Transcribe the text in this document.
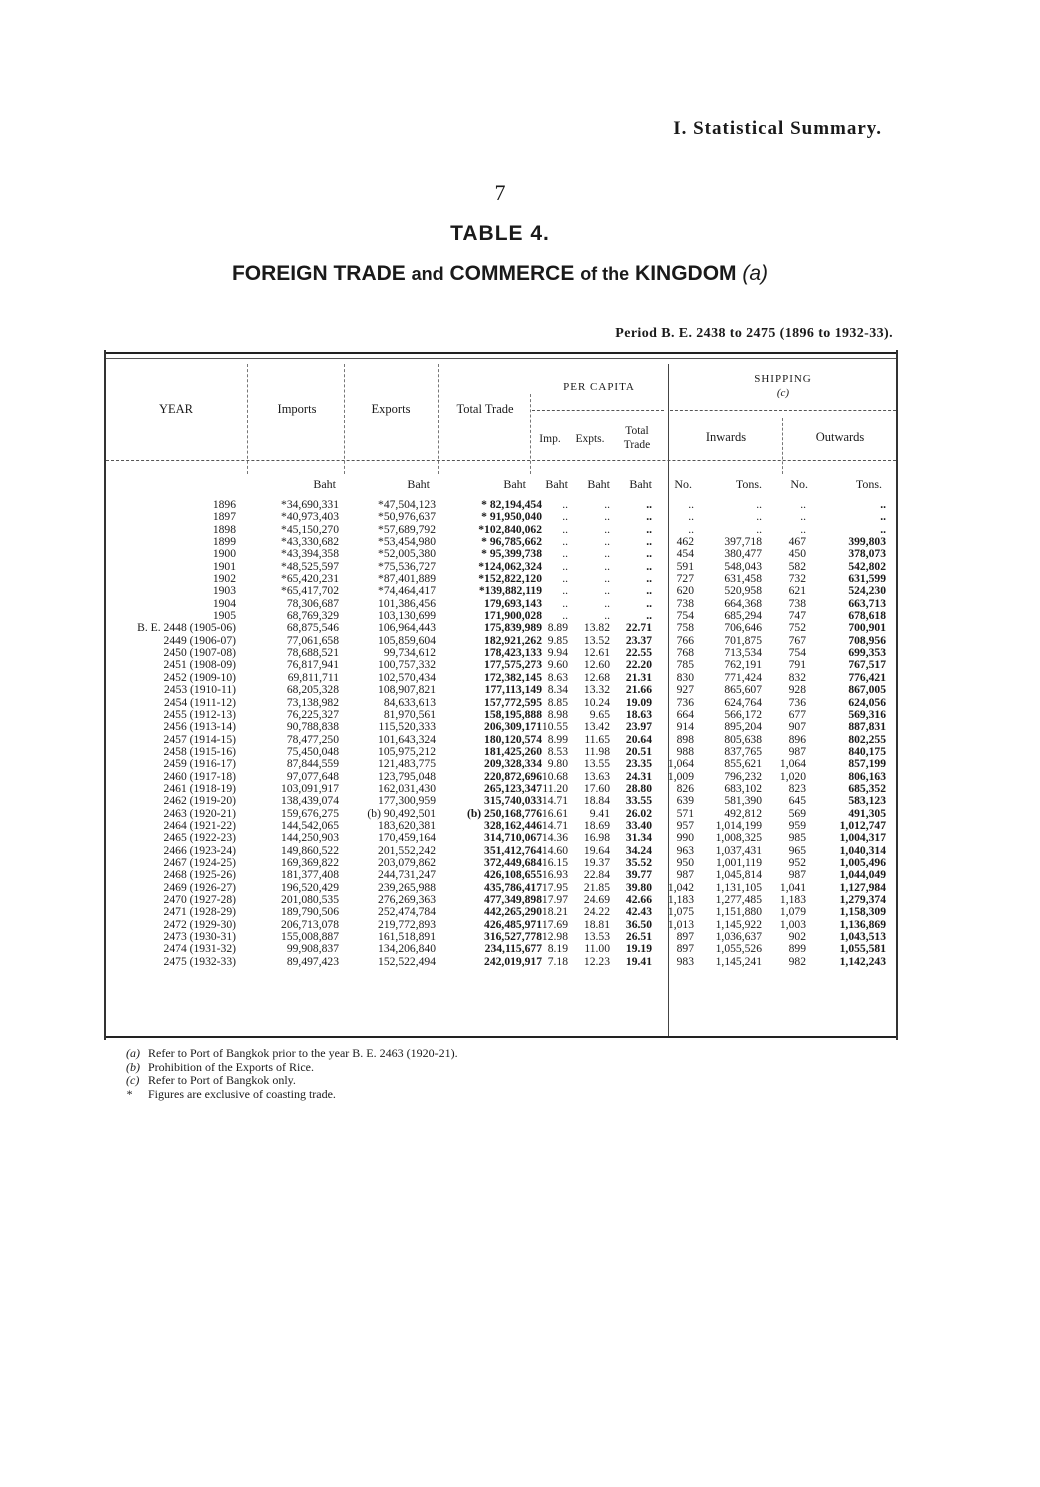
I. Statistical Summary.
7
TABLE 4.
FOREIGN TRADE and COMMERCE of the KINGDOM (a)
Period B. E. 2438 to 2475 (1896 to 1932-33).
YEAR	Imports	Exports	Total Trade
PER CAPITA
Imp.	Expts.
Total Trade
SHIPPING
(c)
Inwards	Outwards
Baht	Baht	Baht	Baht	Baht	Baht	No.	Tons.	No.	Tons.
1896	*34,690,331	*47,504,123	* 82,194,454	..	..	..	..	..	..	..
1897	*40,973,403	*50,976,637	* 91,950,040	..	..	..	..	..	..	..
1898	*45,150,270	*57,689,792	*102,840,062	..	..	..	..	..	..	..
1899	*43,330,682	*53,454,980	* 96,785,662	..	..	..	462	397,718	467	399,803
1900	*43,394,358	*52,005,380	* 95,399,738	..	..	..	454	380,477	450	378,073
1901	*48,525,597	*75,536,727	*124,062,324	..	..	..	591	548,043	582	542,802
1902	*65,420,231	*87,401,889	*152,822,120	..	..	..	727	631,458	732	631,599
1903	*65,417,702	*74,464,417	*139,882,119	..	..	..	620	520,958	621	524,230
1904	78,306,687	101,386,456	179,693,143	..	..	..	738	664,368	738	663,713
1905	68,769,329	103,130,699	171,900,028	..	..	..	754	685,294	747	678,618
B. E. 2448 (1905-06)	68,875,546	106,964,443	175,839,989 8.89	13.82	22.71	758	706,646	752	700,901
2449 (1906-07)	77,061,658	105,859,604	182,921,262 9.85	13.52	23.37	766	701,875	767	708,956
2450 (1907-08)	78,688,521	99,734,612	178,423,133 9.94	12.61	22.55	768	713,534	754	699,353
2451 (1908-09)	76,817,941	100,757,332	177,575,273 9.60	12.60	22.20	785	762,191	791	767,517
2452 (1909-10)	69,811,711	102,570,434	172,382,145 8.63	12.68	21.31	830	771,424	832	776,421
2453 (1910-11)	68,205,328	108,907,821	177,113,149 8.34	13.32	21.66	927	865,607	928	867,005
2454 (1911-12)	73,138,982	84,633,613	157,772,595 8.85	10.24	19.09	736	624,764	736	624,056
2455 (1912-13)	76,225,327	81,970,561	158,195,888 8.98	9.65	18.63	664	566,172	677	569,316
2456 (1913-14)	90,788,838	115,520,333	206,309,171 10.55	13.42	23.97	914	895,204	907	887,831
2457 (1914-15)	78,477,250	101,643,324	180,120,574 8.99	11.65	20.64	898	805,638	896	802,255
2458 (1915-16)	75,450,048	105,975,212	181,425,260 8.53	11.98	20.51	988	837,765	987	840,175
2459 (1916-17)	87,844,559	121,483,775	209,328,334 9.80	13.55	23.35	1,064	855,621	1,064	857,199
2460 (1917-18)	97,077,648	123,795,048	220,872,696 10.68	13.63	24.31	1,009	796,232	1,020	806,163
2461 (1918-19)	103,091,917	162,031,430	265,123,347 11.20	17.60	28.80	826	683,102	823	685,352
2462 (1919-20)	138,439,074	177,300,959	315,740,033 14.71	18.84	33.55	639	581,390	645	583,123
2463 (1920-21)	159,676,275	(b) 90,492,501	(b) 250,168,776 16.61	9.41	26.02	571	492,812	569	491,305
2464 (1921-22)	144,542,065	183,620,381	328,162,446 14.71	18.69	33.40	957	1,014,199	959	1,012,747
2465 (1922-23)	144,250,903	170,459,164	314,710,067 14.36	16.98	31.34	990	1,008,325	985	1,004,317
2466 (1923-24)	149,860,522	201,552,242	351,412,764 14.60	19.64	34.24	963	1,037,431	965	1,040,314
2467 (1924-25)	169,369,822	203,079,862	372,449,684 16.15	19.37	35.52	950	1,001,119	952	1,005,496
2468 (1925-26)	181,377,408	244,731,247	426,108,655 16.93	22.84	39.77	987	1,045,814	987	1,044,049
2469 (1926-27)	196,520,429	239,265,988	435,786,417 17.95	21.85	39.80	1,042	1,131,105	1,041	1,127,984
2470 (1927-28)	201,080,535	276,269,363	477,349,898 17.97	24.69	42.66	1,183	1,277,485	1,183	1,279,374
2471 (1928-29)	189,790,506	252,474,784	442,265,290 18.21	24.22	42.43	1,075	1,151,880	1,079	1,158,309
2472 (1929-30)	206,713,078	219,772,893	426,485,971 17.69	18.81	36.50	1,013	1,145,922	1,003	1,136,869
2473 (1930-31)	155,008,887	161,518,891	316,527,778 12.98	13.53	26.51	897	1,036,637	902	1,043,513
2474 (1931-32)	99,908,837	134,206,840	234,115,677 8.19	11.00	19.19	897	1,055,526	899	1,055,581
2475 (1932-33)	89,497,423	152,522,494	242,019,917 7.18	12.23	19.41	983	1,145,241	982	1,142,243
(a) Refer to Port of Bangkok prior to the year B. E. 2463 (1920-21).
(b) Prohibition of the Exports of Rice.
(c) Refer to Port of Bangkok only.
* Figures are exclusive of coasting trade.
